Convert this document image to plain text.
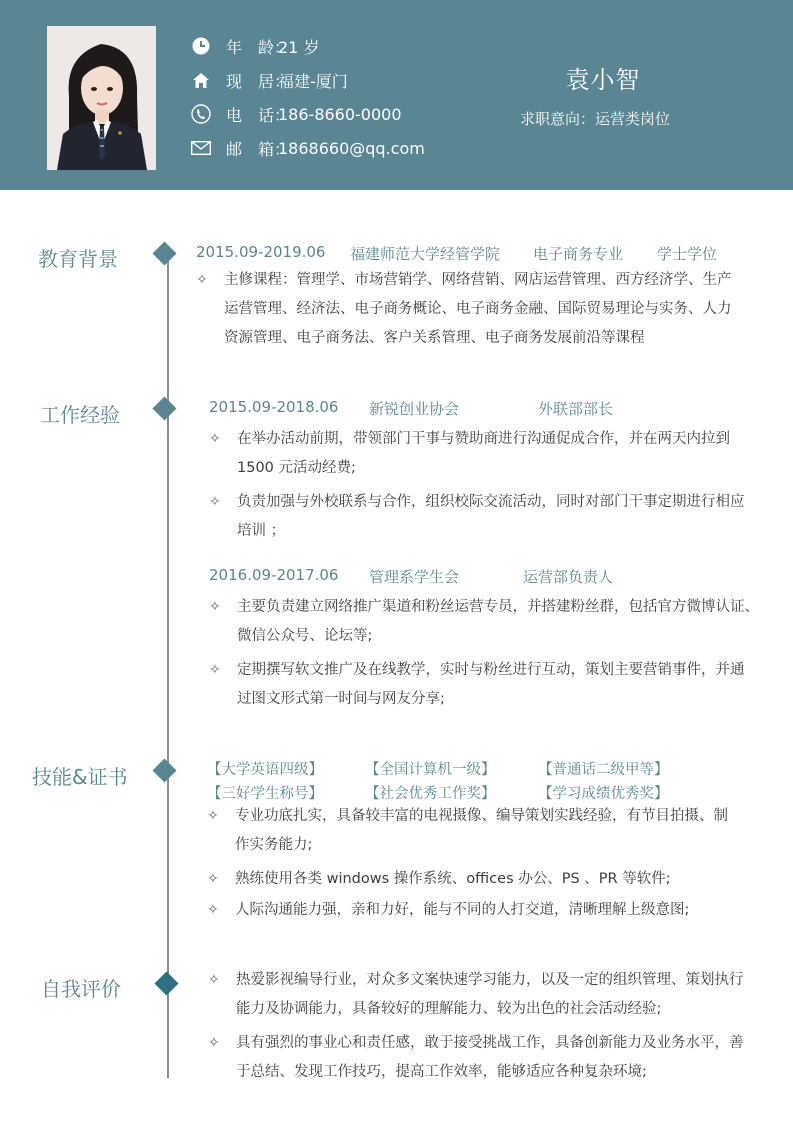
年　龄：
21 岁
现　居：
福建-厦门
电　话：
186-8660-0000
邮　箱：
1868660@qq.com
袁小智
求职意向：运营类岗位
教育背景	2015.09-2019.06 福建师范大学经管学院 电子商务专业 学士学位
✧	主修课程：管理学、市场营销学、网络营销、网店运营管理、西方经济学、生产
运营管理、经济法、电子商务概论、电子商务金融、国际贸易理论与实务、人力
资源管理、电子商务法、客户关系管理、电子商务发展前沿等课程
工作经验	2015.09-2018.06 新锐创业协会	外联部部长
✧	在举办活动前期，带领部门干事与赞助商进行沟通促成合作，并在两天内拉到
1500 元活动经费;
✧	负责加强与外校联系与合作，组织校际交流活动，同时对部门干事定期进行相应
培训 ；
2016.09-2017.06 管理系学生会	运营部负责人
✧	主要负责建立网络推广渠道和粉丝运营专员，并搭建粉丝群，包括官方微博认证、
微信公众号、论坛等;
✧	定期撰写软文推广及在线教学，实时与粉丝进行互动，策划主要营销事件，并通
过图文形式第一时间与网友分享;
技能&证书	【大学英语四级】	【全国计算机一级】	【普通话二级甲等】
【三好学生称号】	【社会优秀工作奖】	【学习成绩优秀奖】
✧	专业功底扎实，具备较丰富的电视摄像、编导策划实践经验，有节目拍摄、制
作实务能力;
✧	熟练使用各类 windows 操作系统、offices 办公、PS 、PR 等软件;
✧	人际沟通能力强，亲和力好，能与不同的人打交道，清晰理解上级意图;
自我评价	✧	热爱影视编导行业，对众多文案快速学习能力，以及一定的组织管理、策划执行
能力及协调能力，具备较好的理解能力、较为出色的社会活动经验;
✧	具有强烈的事业心和责任感，敢于接受挑战工作，具备创新能力及业务水平，善
于总结、发现工作技巧，提高工作效率，能够适应各种复杂环境;
